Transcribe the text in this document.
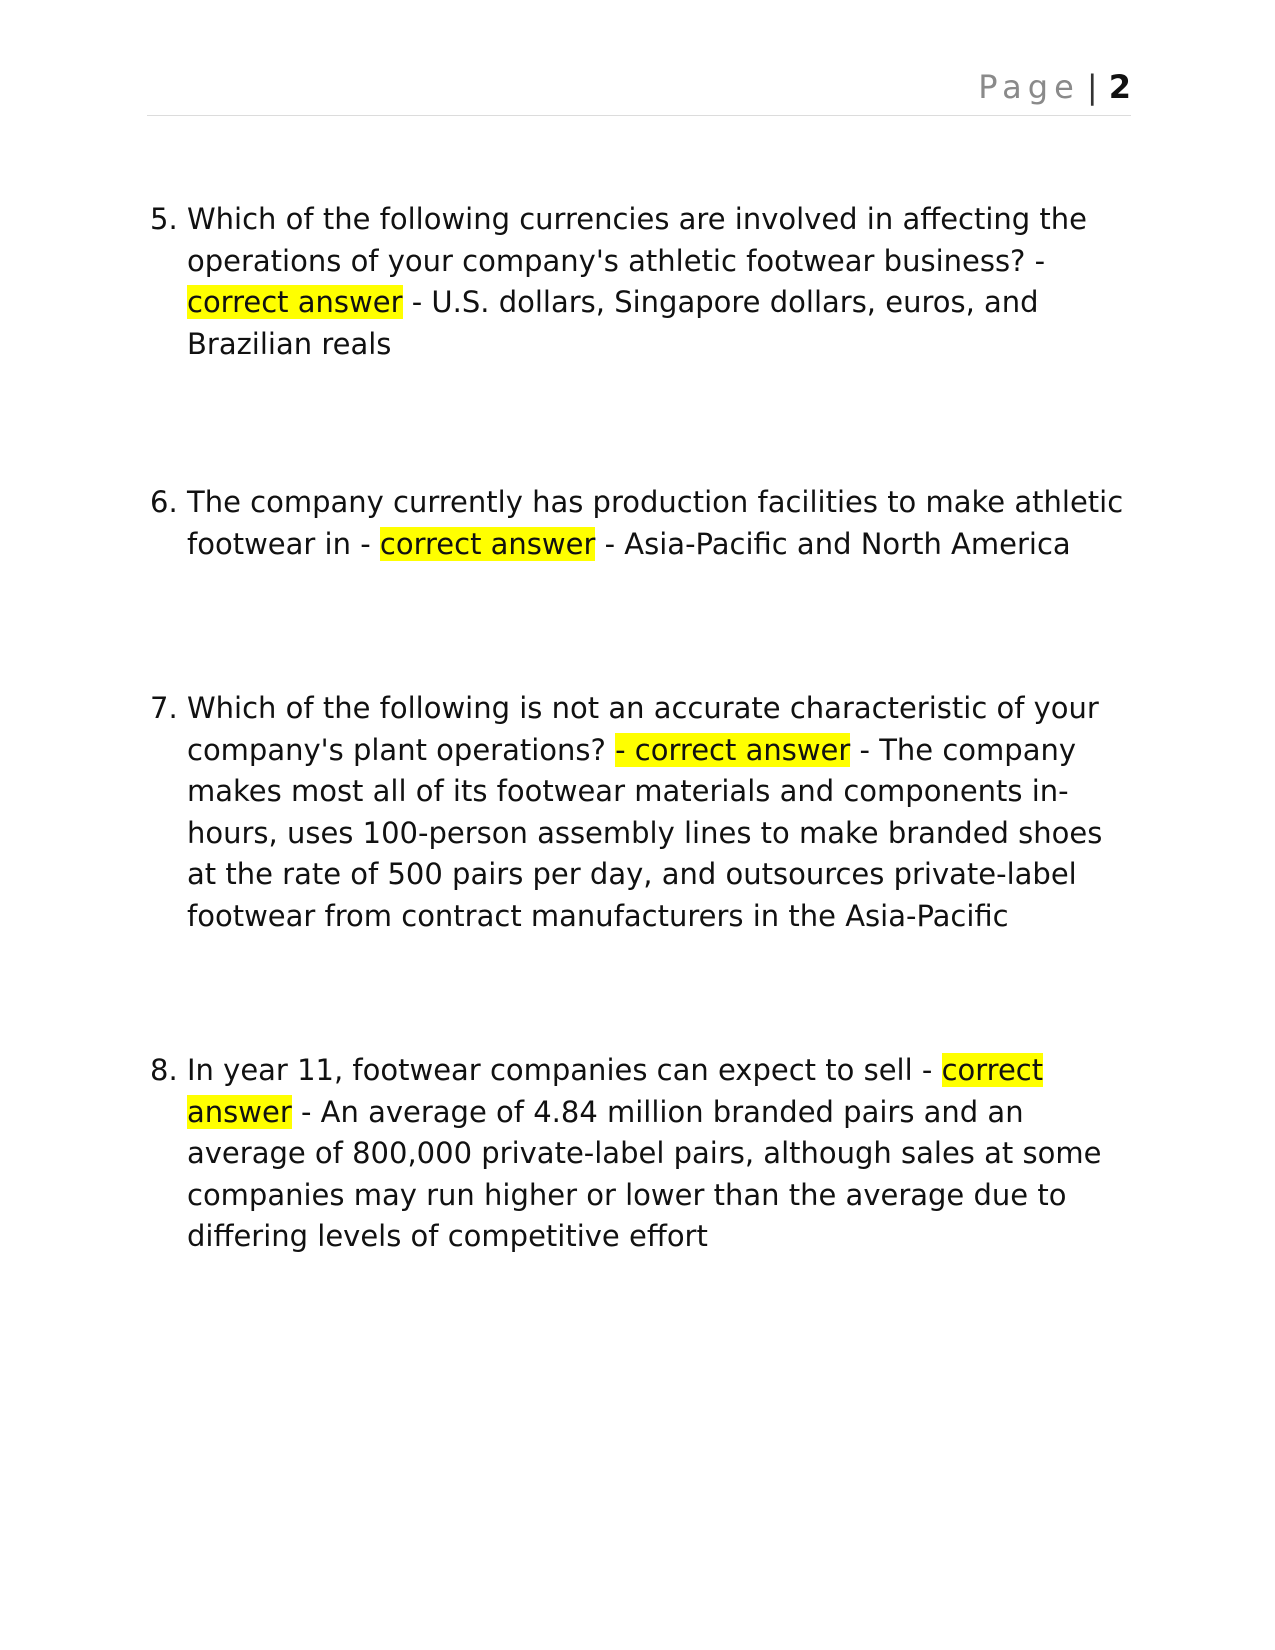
Page | 2
5. Which of the following currencies are involved in affecting the operations of your company's athletic footwear business? - correct answer - U.S. dollars, Singapore dollars, euros, and Brazilian reals
6. The company currently has production facilities to make athletic footwear in - correct answer - Asia-Pacific and North America
7. Which of the following is not an accurate characteristic of your company's plant operations? - correct answer - The company makes most all of its footwear materials and components in-hours, uses 100-person assembly lines to make branded shoes at the rate of 500 pairs per day, and outsources private-label footwear from contract manufacturers in the Asia-Pacific
8. In year 11, footwear companies can expect to sell - correct answer - An average of 4.84 million branded pairs and an average of 800,000 private-label pairs, although sales at some companies may run higher or lower than the average due to differing levels of competitive effort
